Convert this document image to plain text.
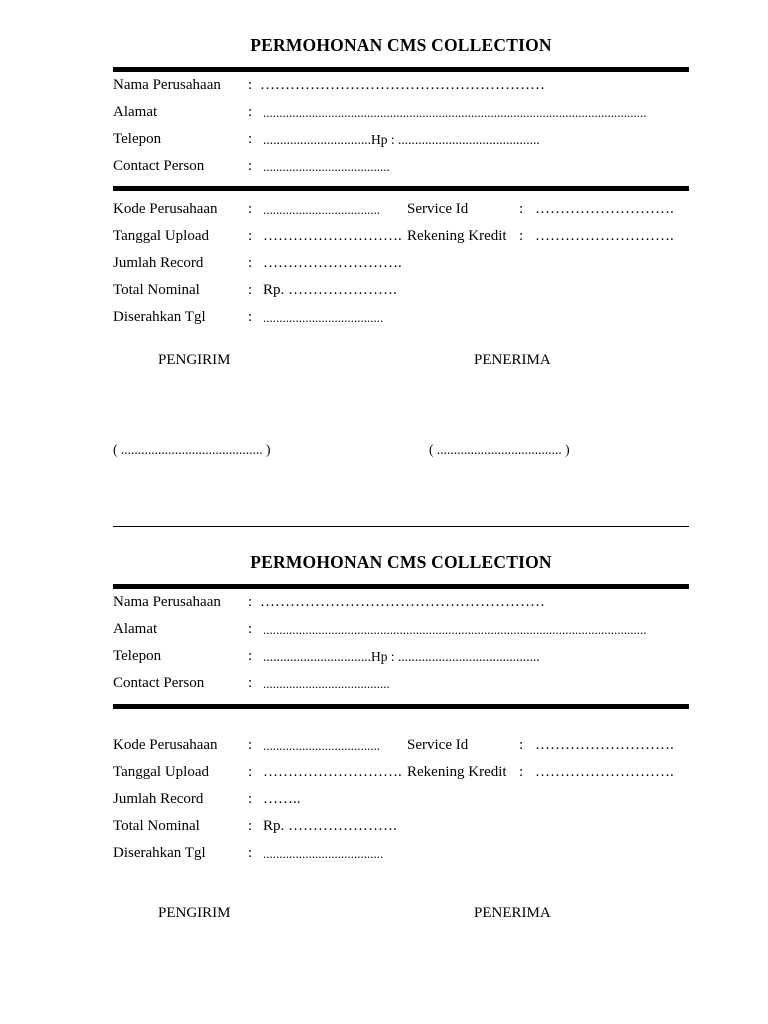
PERMOHONAN CMS COLLECTION
Nama Perusahaan : …………………………………………………
Alamat	: ......................................................................................................................
Telepon	: ................................Hp : ..........................................
Contact Person	: .......................................
Kode Perusahaan : .................................... Service Id	: ……………………….
Tanggal Upload	: ………………………. Rekening Kredit : ……………………….
Jumlah Record	: ……………………….
Total Nominal	: Rp. ………………….
Diserahkan Tgl	: .....................................
PENGIRIM	PENERIMA
( .......................................... )	( ..................................... )
PERMOHONAN CMS COLLECTION
Nama Perusahaan : …………………………………………………
Alamat	: ......................................................................................................................
Telepon	: ................................Hp : ..........................................
Contact Person	: .......................................
Kode Perusahaan : .................................... Service Id	: ……………………….
Tanggal Upload	: ………………………. Rekening Kredit : ……………………….
Jumlah Record	: ……..
Total Nominal	: Rp. ………………….
Diserahkan Tgl	: .....................................
PENGIRIM	PENERIMA
